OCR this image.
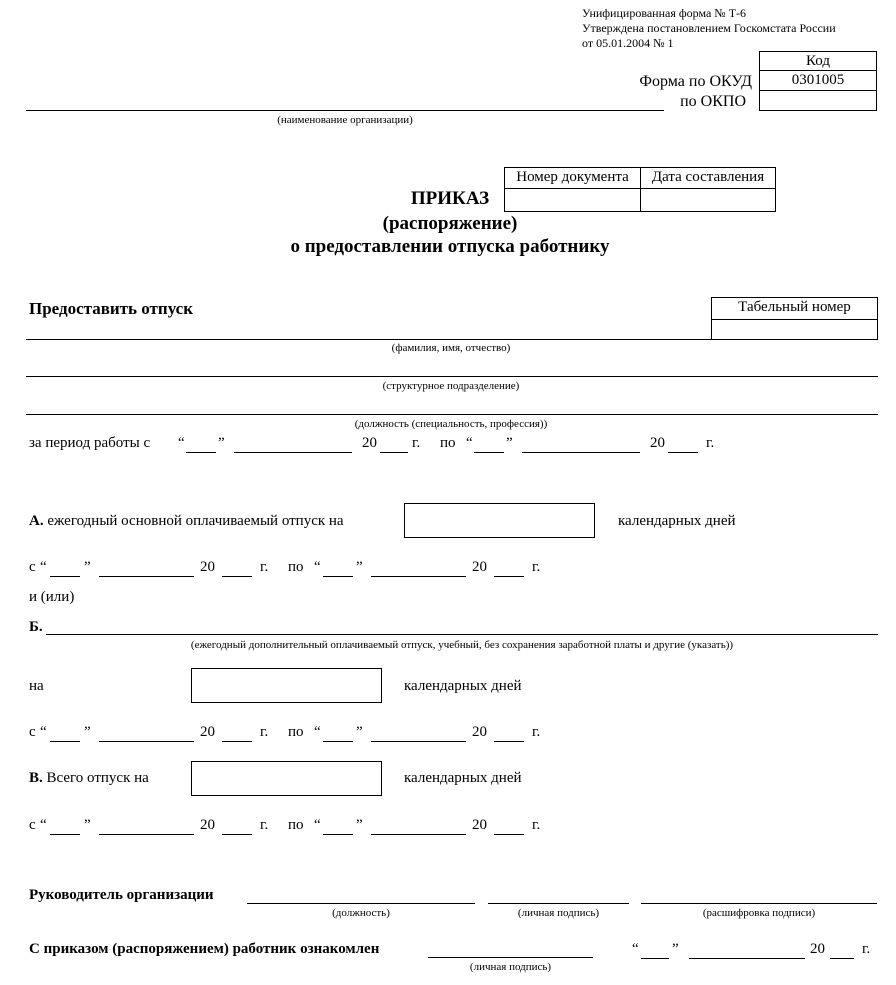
Унифицированная форма № Т-6
Утверждена постановлением Госкомстата России
от 05.01.2004 № 1
Код
0301005
Форма по ОКУД
по ОКПО
(наименование организации)
Номер документа	Дата составления
ПРИКАЗ
(распоряжение)
о предоставлении отпуска работнику
Предоставить отпуск	Табельный номер
(фамилия, имя, отчество)
(структурное подразделение)
(должность (специальность, профессия))
за период работы с “ ”	20 г. по “ ”	20	г.
А. ежегодный основной оплачиваемый отпуск на	календарных дней
с “ ”	20	г. по “ ”	20	г.
и (или)
Б.
(ежегодный дополнительный оплачиваемый отпуск, учебный, без сохранения заработной платы и другие (указать))
на	календарных дней
с “ ”	20	г. по “ ”	20	г.
В. Всего отпуск на	календарных дней
с “ ”	20	г. по “ ”	20	г.
Руководитель организации
(должность)	(личная подпись)	(расшифровка подписи)
С приказом (распоряжением) работник ознакомлен
(личная подпись)
“ ”	20 г.
